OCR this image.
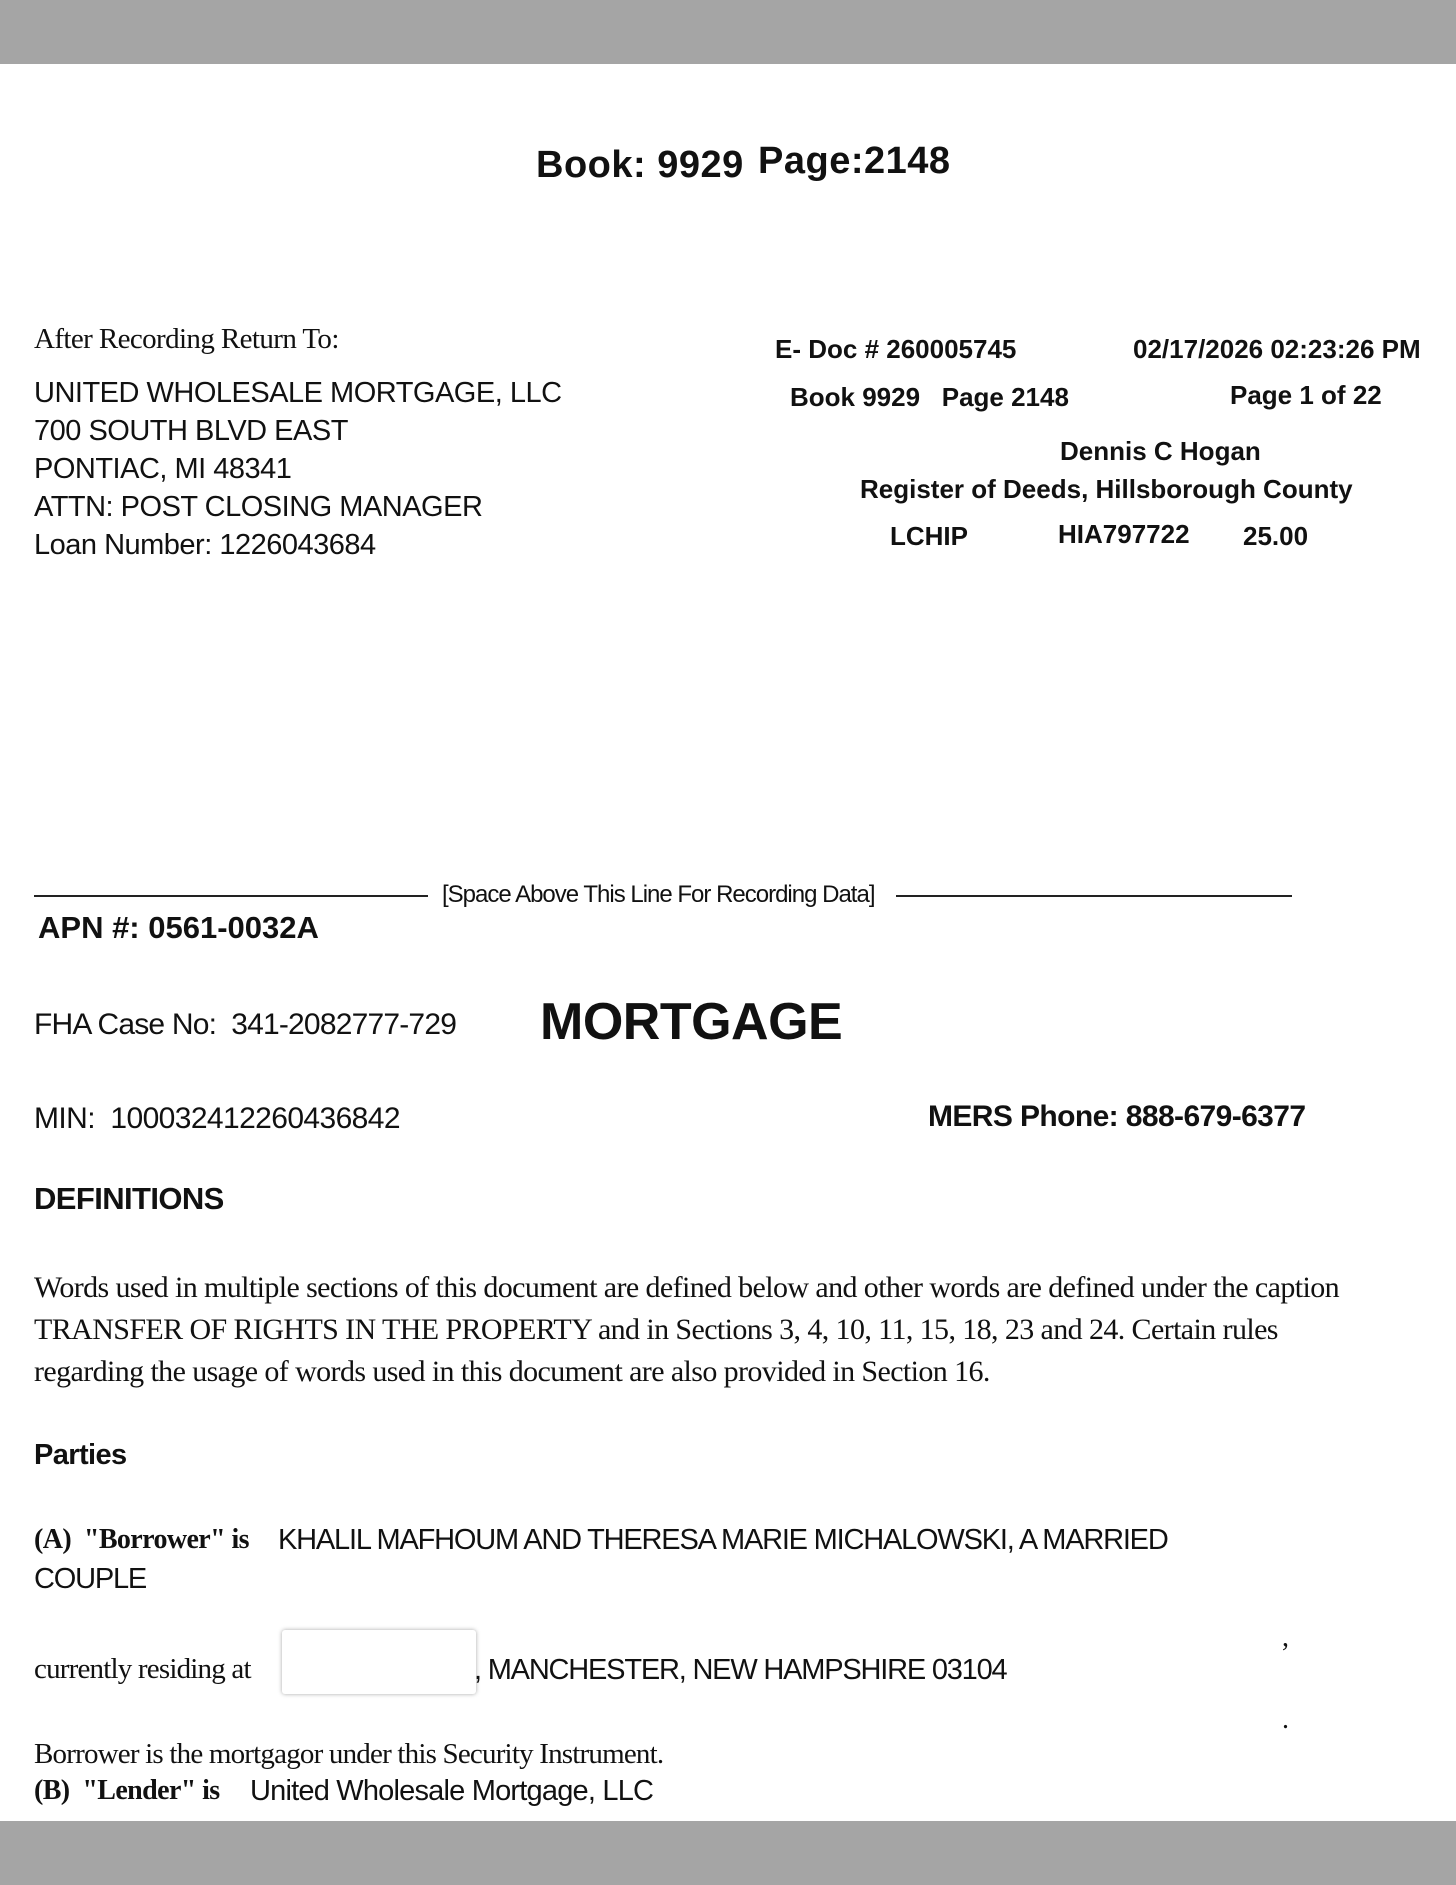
Book: 9929 Page:2148
After Recording Return To:
UNITED WHOLESALE MORTGAGE, LLC
700 SOUTH BLVD EAST
PONTIAC, MI 48341
ATTN: POST CLOSING MANAGER
Loan Number: 1226043684
E- Doc # 260005745	02/17/2026 02:23:26 PM
Book 9929   Page 2148	Page 1 of 22
Dennis C Hogan
Register of Deeds, Hillsborough County
LCHIP	HIA797722 25.00
[Space Above This Line For Recording Data]
APN #: 0561-0032A
FHA Case No:  341-2082777-729 MORTGAGE
MIN:  100032412260436842	MERS Phone: 888-679-6377
DEFINITIONS
Words used in multiple sections of this document are defined below and other words are defined under the caption
TRANSFER OF RIGHTS IN THE PROPERTY and in Sections 3, 4, 10, 11, 15, 18, 23 and 24. Certain rules
regarding the usage of words used in this document are also provided in Section 16.
Parties
(A)  "Borrower" is KHALIL MAFHOUM AND THERESA MARIE MICHALOWSKI, A MARRIED
COUPLE
,
currently residing at	, MANCHESTER, NEW HAMPSHIRE 03104
.
Borrower is the mortgagor under this Security Instrument.
(B)  "Lender" is United Wholesale Mortgage, LLC
